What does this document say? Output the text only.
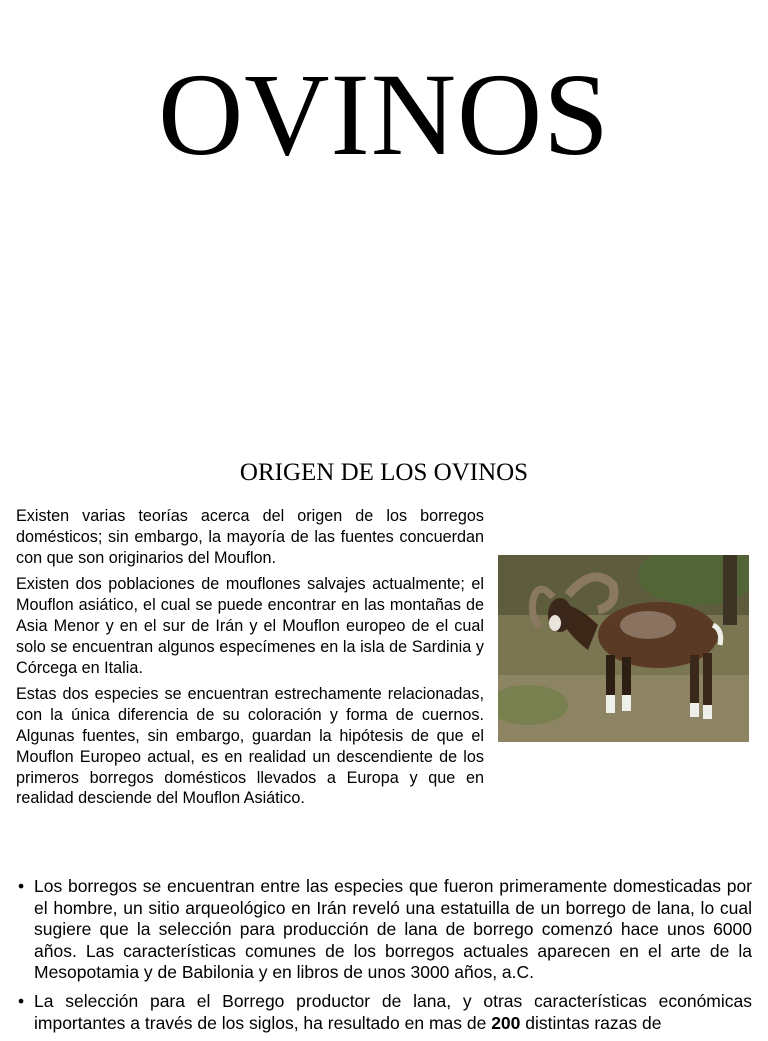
OVINOS
ORIGEN DE LOS OVINOS

Existen varias teorías acerca del origen de los borregos domésticos; sin embargo, la mayoría de las fuentes concuerdan con que son originarios del Mouflon.

Existen dos poblaciones de mouflones salvajes actualmente; el Mouflon asiático, el cual se puede encontrar en las montañas de Asia Menor y en el sur de Irán y el Mouflon europeo de el cual solo se encuentran algunos especímenes en la isla de Sardinia y Córcega en Italia.

Estas dos especies se encuentran estrechamente relacionadas, con la única diferencia de su coloración y forma de cuernos. Algunas fuentes, sin embargo, guardan la hipótesis de que el Mouflon Europeo actual, es en realidad un descendiente de los primeros borregos domésticos llevados a Europa y que en realidad desciende del Mouflon Asiático.

• Los borregos se encuentran entre las especies que fueron primeramente domesticadas por el hombre, un sitio arqueológico en Irán reveló una estatuilla de un borrego de lana, lo cual sugiere que la selección para producción de lana de borrego comenzó hace unos 6000 años. Las características comunes de los borregos actuales aparecen en el arte de la Mesopotamia y de Babilonia y en libros de unos 3000 años, a.C.
• La selección para el Borrego productor de lana, y otras características económicas importantes a través de los siglos, ha resultado en mas de 200 distintas razas de
